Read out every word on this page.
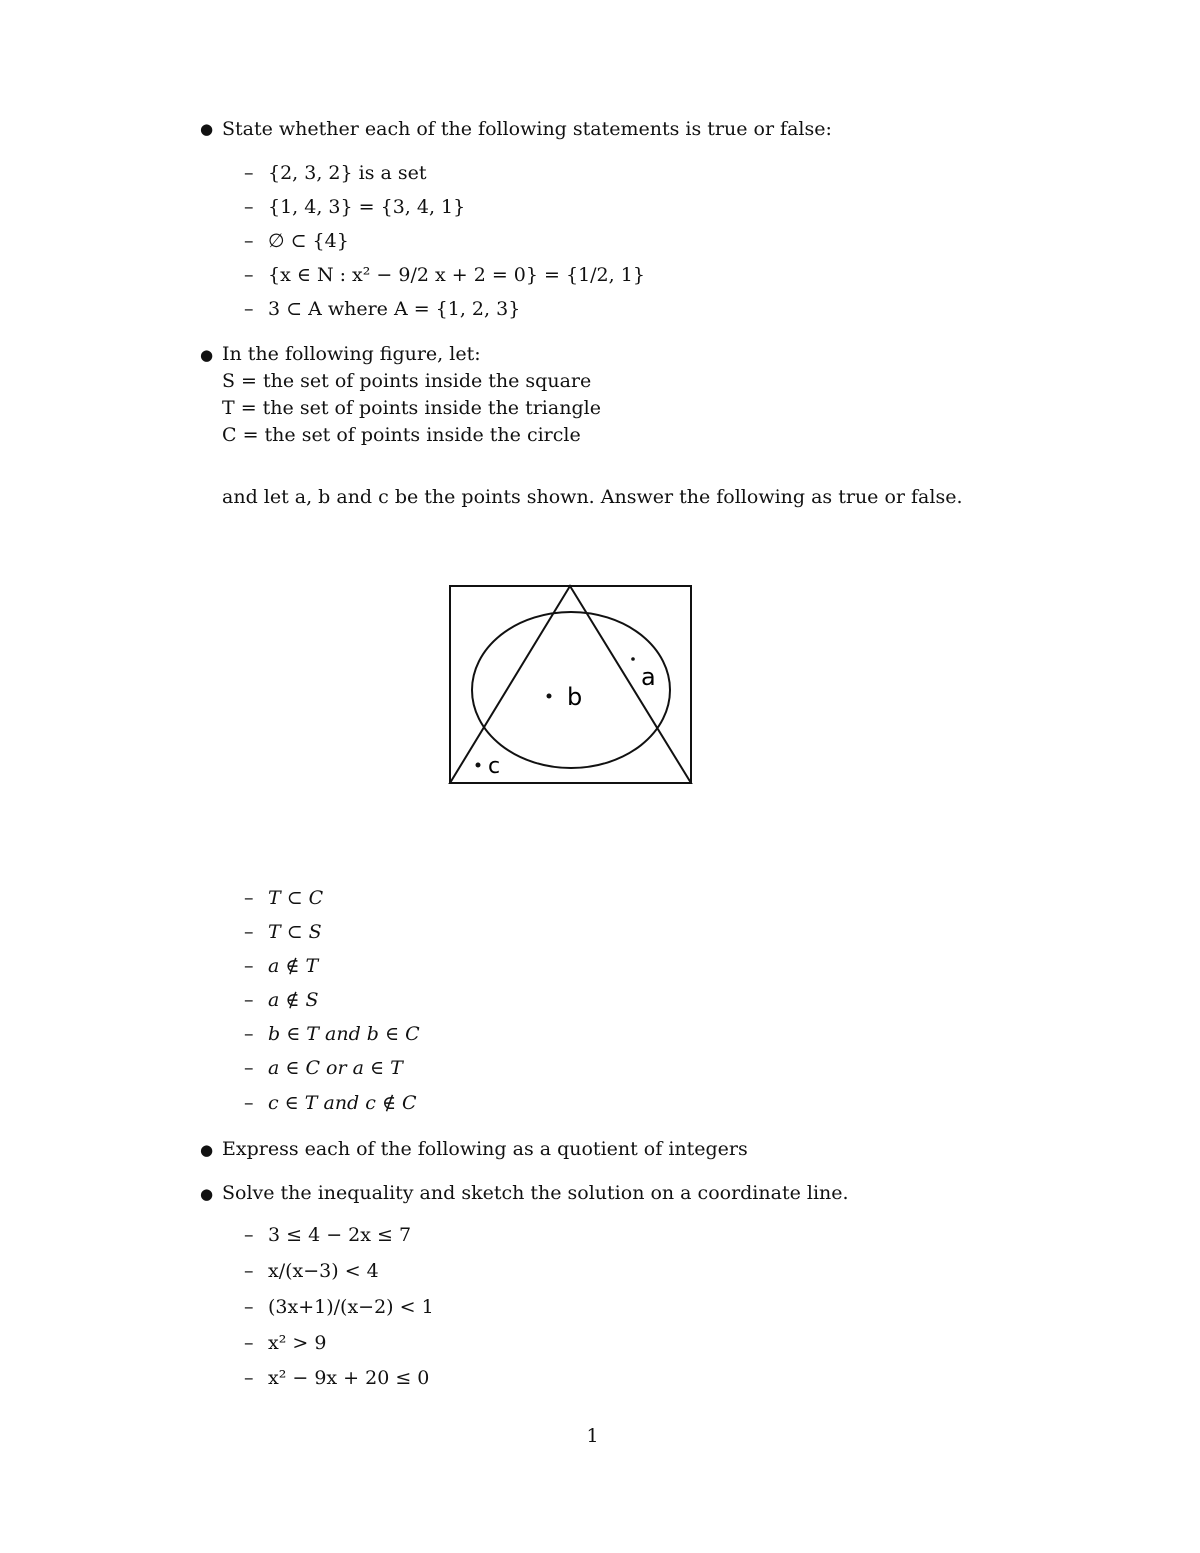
● State whether each of the following statements is true or false:
– {2, 3, 2} is a set
– {1, 4, 3} = {3, 4, 1}
– ∅ ⊂ {4}
– {x ∈ N : x² − 9/2 x + 2 = 0} = {1/2, 1}
– 3 ⊂ A where A = {1, 2, 3}
● In the following figure, let:
S = the set of points inside the square
T = the set of points inside the triangle
C = the set of points inside the circle
and let a, b and c be the points shown. Answer the following as true or false.
a
b
c
– T ⊂ C
– T ⊂ S
– a ∉ T
– a ∉ S
– b ∈ T and b ∈ C
– a ∈ C or a ∈ T
– c ∈ T and c ∉ C
● Express each of the following as a quotient of integers
● Solve the inequality and sketch the solution on a coordinate line.
– 3 ≤ 4 − 2x ≤ 7
– x/(x−3) < 4
– (3x+1)/(x−2) < 1
– x² > 9
– x² − 9x + 20 ≤ 0
1
